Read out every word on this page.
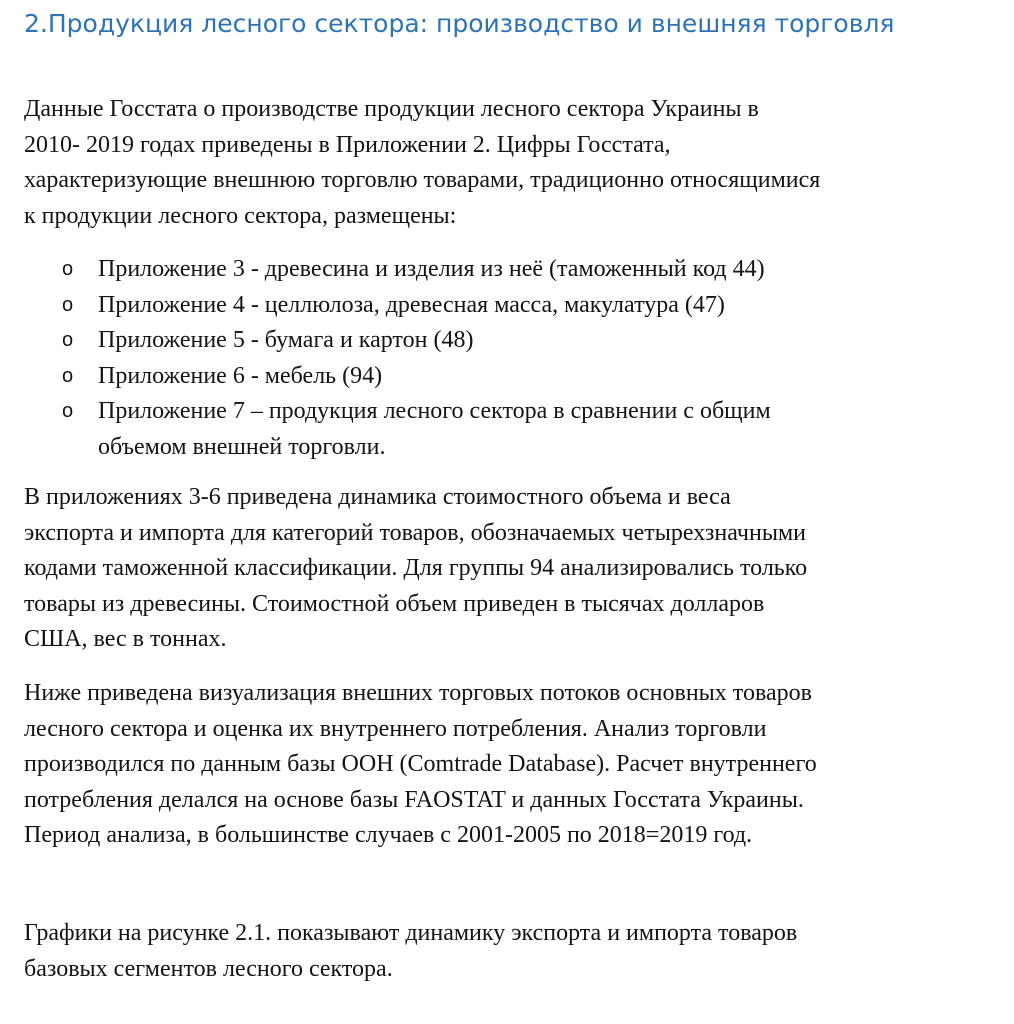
2.Продукция лесного сектора: производство и внешняя торговля

Данные Госстата о производстве продукции лесного сектора Украины в
2010- 2019 годах приведены в Приложении 2. Цифры Госстата,
характеризующие внешнюю торговлю товарами, традиционно относящимися
к продукции лесного сектора, размещены:

o Приложение 3 - древесина и изделия из неё (таможенный код 44)
o Приложение 4 - целлюлоза, древесная масса, макулатура (47)
o Приложение 5 - бумага и картон (48)
o Приложение 6 - мебель (94)
o Приложение 7 – продукция лесного сектора в сравнении с общим
объемом внешней торговли.

В приложениях 3-6 приведена динамика стоимостного объема и веса
экспорта и импорта для категорий товаров, обозначаемых четырехзначными
кодами таможенной классификации. Для группы 94 анализировались только
товары из древесины. Стоимостной объем приведен в тысячах долларов
США, вес в тоннах.

Ниже приведена визуализация внешних торговых потоков основных товаров
лесного сектора и оценка их внутреннего потребления. Анализ торговли
производился по данным базы ООН (Comtrade Database). Расчет внутреннего
потребления делался на основе базы FAOSTAT и данных Госстата Украины.
Период анализа, в большинстве случаев с 2001-2005 по 2018=2019 год.

Графики на рисунке 2.1. показывают динамику экспорта и импорта товаров
базовых сегментов лесного сектора.
